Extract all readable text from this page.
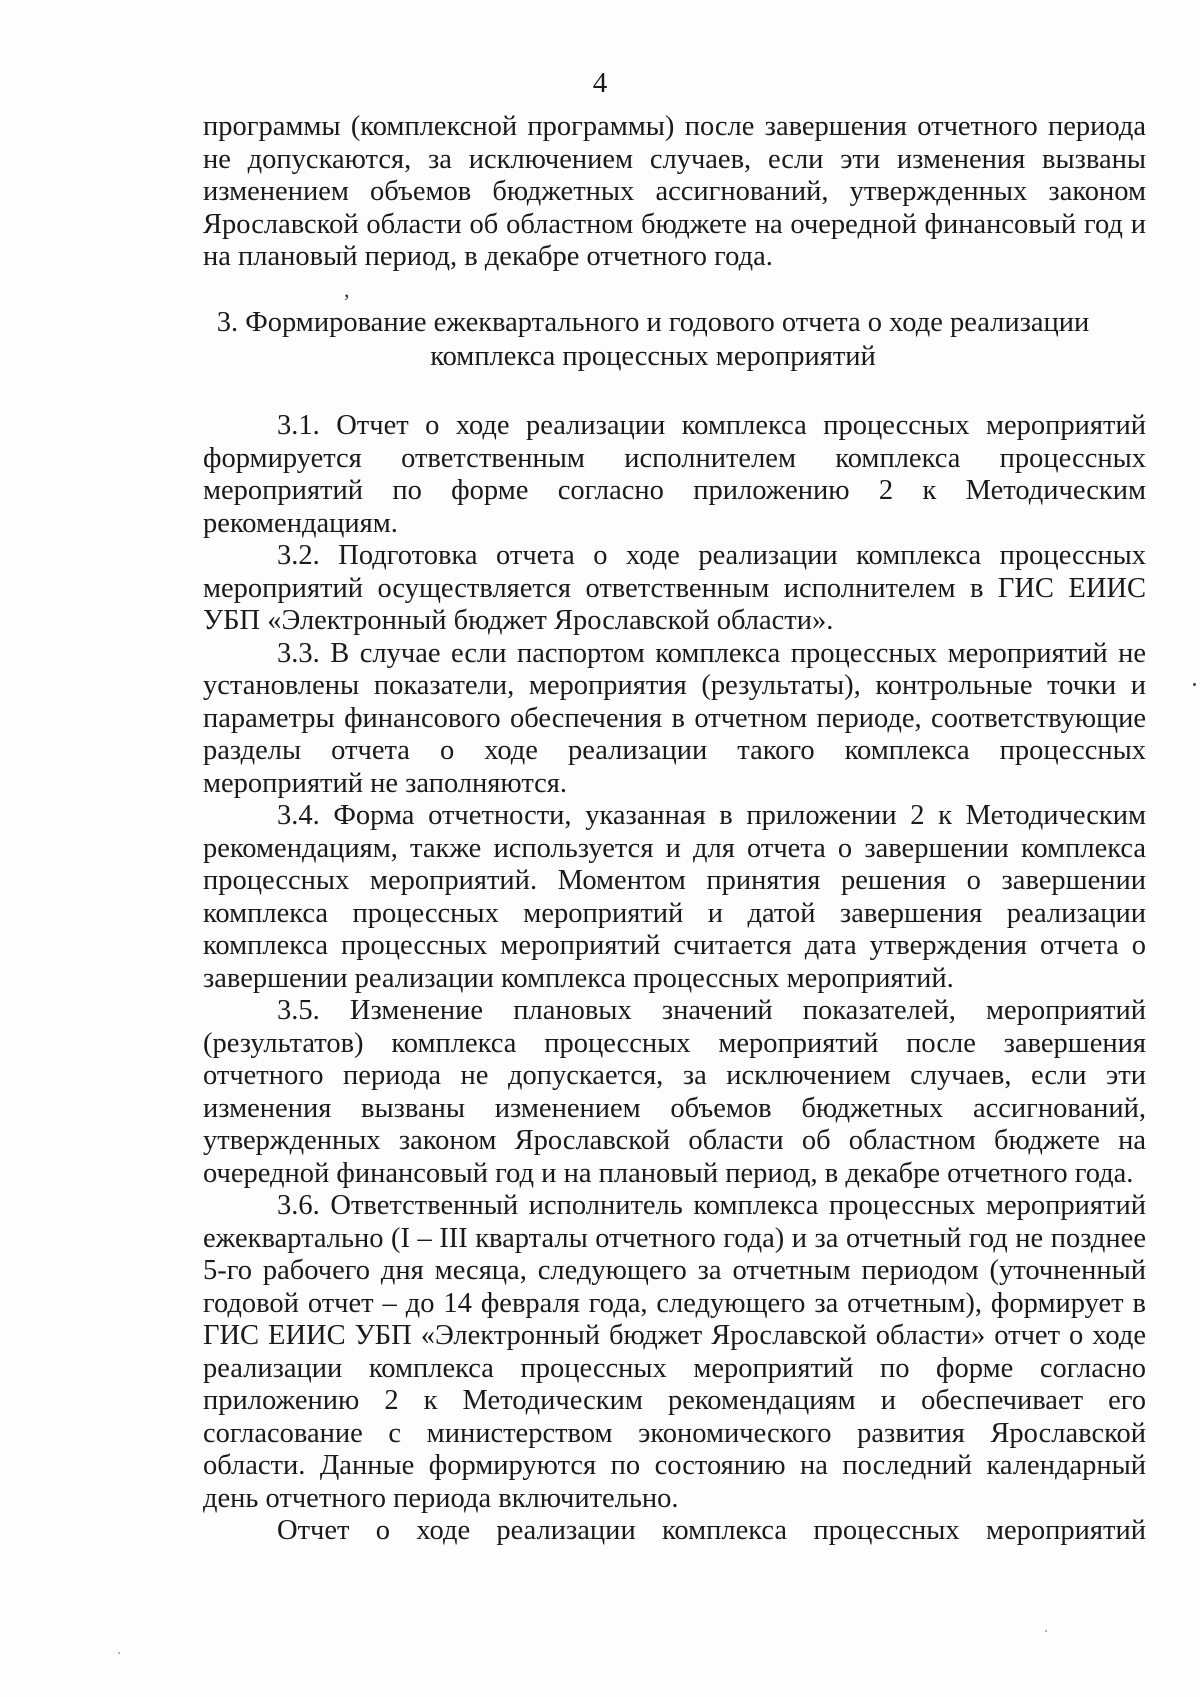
4

программы (комплексной программы) после завершения отчетного периода не допускаются, за исключением случаев, если эти изменения вызваны изменением объемов бюджетных ассигнований, утвержденных законом Ярославской области об областном бюджете на очередной финансовый год и на плановый период, в декабре отчетного года.

,
3. Формирование ежеквартального и годового отчета о ходе реализации
комплекса процессных мероприятий

3.1. Отчет о ходе реализации комплекса процессных мероприятий формируется ответственным исполнителем комплекса процессных мероприятий по форме согласно приложению 2 к Методическим рекомендациям.

3.2. Подготовка отчета о ходе реализации комплекса процессных мероприятий осуществляется ответственным исполнителем в ГИС ЕИИС УБП «Электронный бюджет Ярославской области».

3.3. В случае если паспортом комплекса процессных мероприятий не установлены показатели, мероприятия (результаты), контрольные точки и параметры финансового обеспечения в отчетном периоде, соответствующие разделы отчета о ходе реализации такого комплекса процессных мероприятий не заполняются.

3.4. Форма отчетности, указанная в приложении 2 к Методическим рекомендациям, также используется и для отчета о завершении комплекса процессных мероприятий. Моментом принятия решения о завершении комплекса процессных мероприятий и датой завершения реализации комплекса процессных мероприятий считается дата утверждения отчета о завершении реализации комплекса процессных мероприятий.

3.5. Изменение плановых значений показателей, мероприятий (результатов) комплекса процессных мероприятий после завершения отчетного периода не допускается, за исключением случаев, если эти изменения вызваны изменением объемов бюджетных ассигнований, утвержденных законом Ярославской области об областном бюджете на очередной финансовый год и на плановый период, в декабре отчетного года.

3.6. Ответственный исполнитель комплекса процессных мероприятий ежеквартально (I – III кварталы отчетного года) и за отчетный год не позднее 5-го рабочего дня месяца, следующего за отчетным периодом (уточненный годовой отчет – до 14 февраля года, следующего за отчетным), формирует в ГИС ЕИИС УБП «Электронный бюджет Ярославской области» отчет о ходе реализации комплекса процессных мероприятий по форме согласно приложению 2 к Методическим рекомендациям и обеспечивает его согласование с министерством экономического развития Ярославской области. Данные формируются по состоянию на последний календарный день отчетного периода включительно.

Отчет о ходе реализации комплекса процессных мероприятий
